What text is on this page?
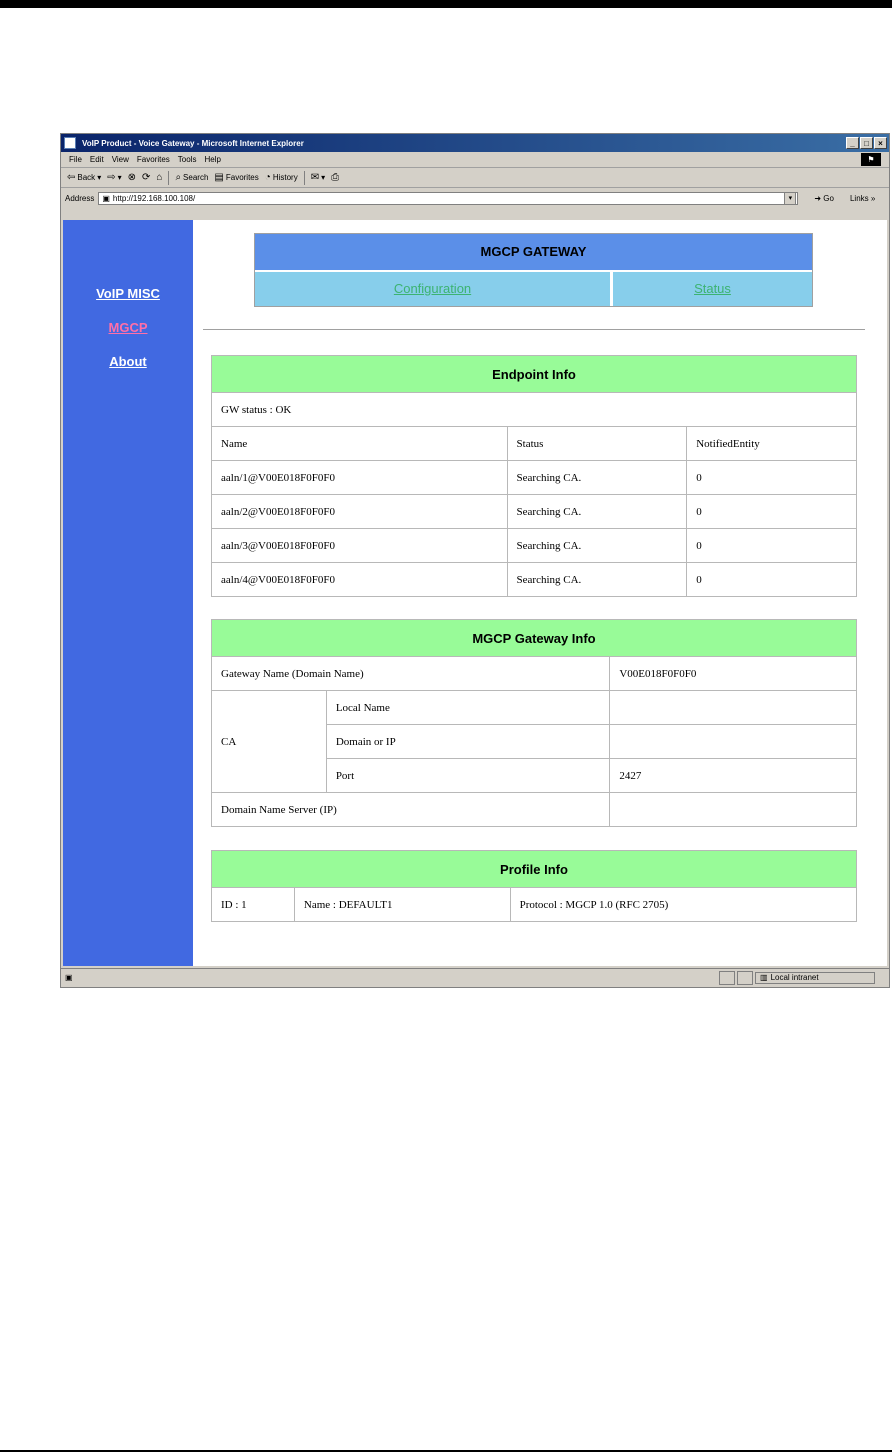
VoIP Product - Voice Gateway - Microsoft Internet Explorer	_	□	×
File Edit View Favorites Tools Help	⚑
⇦ Back ▾ ⇨ ▾ ⊗ ⟳ ⌂ ⌕ Search ▤ Favorites ◔ History ✉ ▾ ⎙
Address ▣ http://192.168.100.108/	▾	➜ Go Links »
VoIP MISC
MGCP
About
MGCP GATEWAY
Configuration	Status
Endpoint Info		
GW status : OK		
Name	Status	NotifiedEntity
aaln/1@V00E018F0F0F0	Searching CA.	0
aaln/2@V00E018F0F0F0	Searching CA.	0
aaln/3@V00E018F0F0F0	Searching CA.	0
aaln/4@V00E018F0F0F0	Searching CA.	0
MGCP Gateway Info		
Gateway Name (Domain Name)		V00E018F0F0F0
CA	Local Name	
	Domain or IP	
	Port	2427
Domain Name Server (IP)		
Profile Info
ID : 1	Name : DEFAULT1	Protocol : MGCP 1.0 (RFC 2705)
▣	▥ Local intranet
